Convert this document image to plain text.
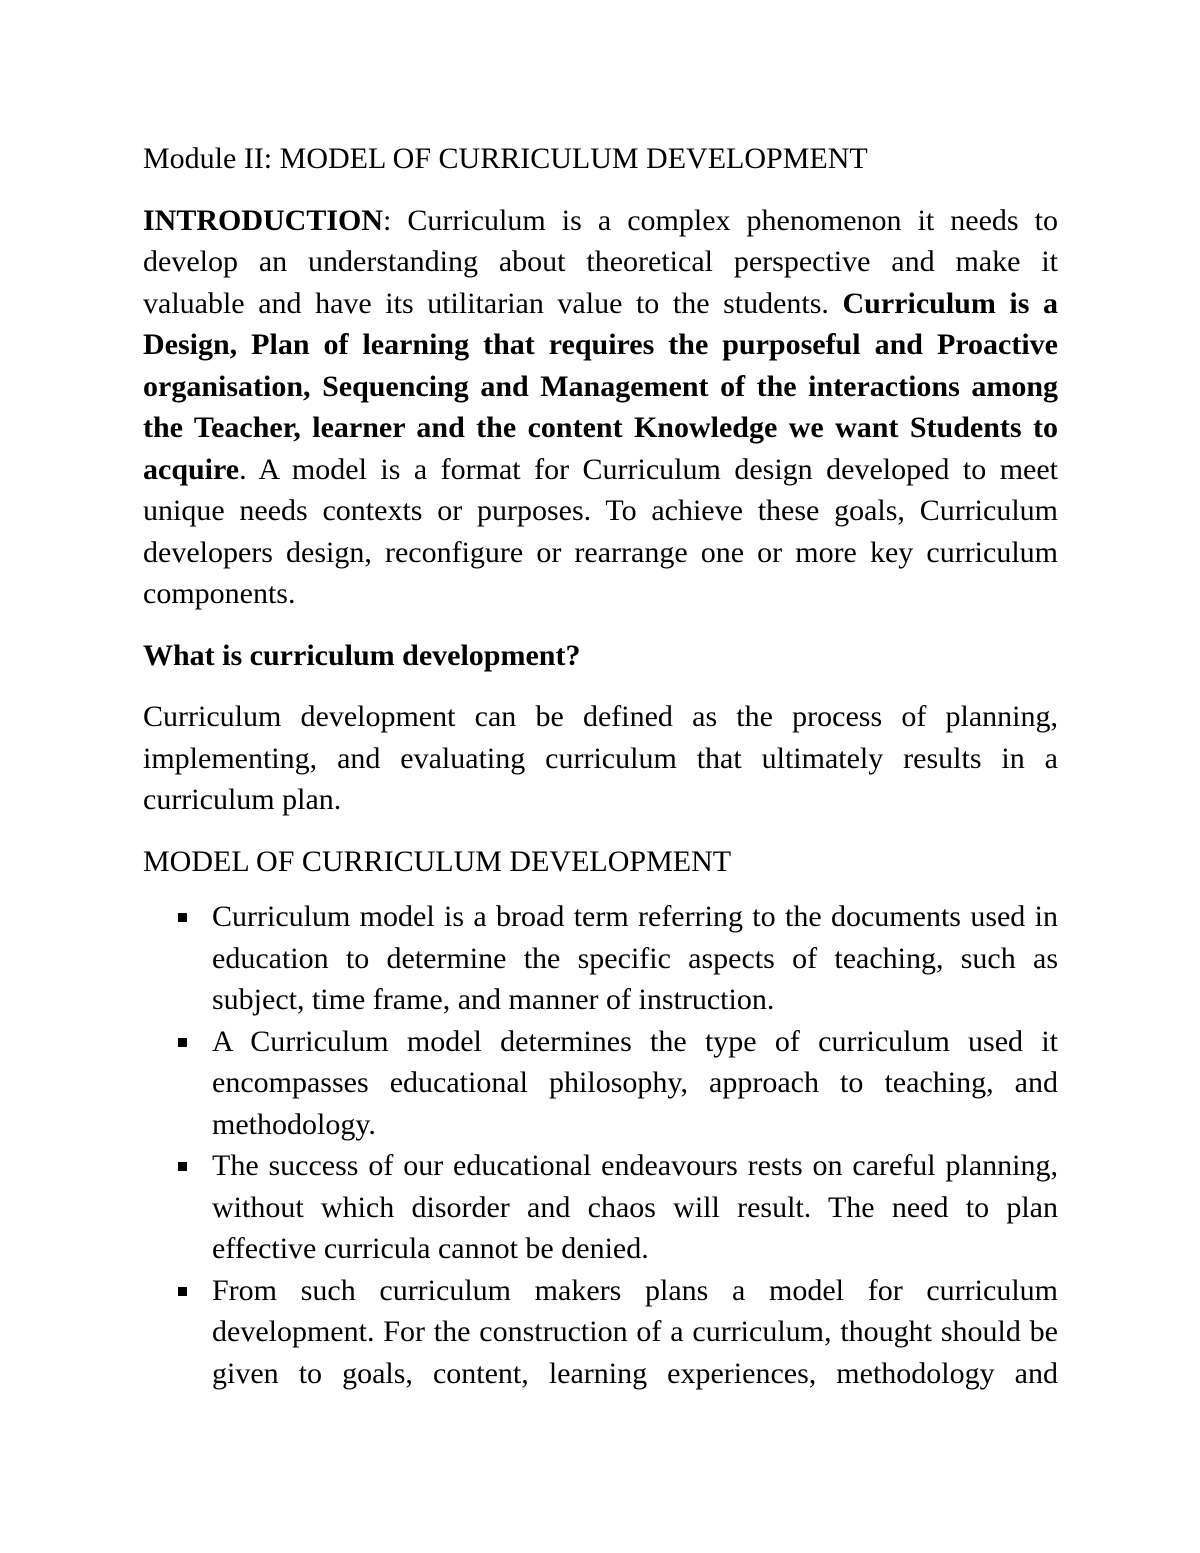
Module II: MODEL OF CURRICULUM DEVELOPMENT

INTRODUCTION: Curriculum is a complex phenomenon it needs to develop an understanding about theoretical perspective and make it valuable and have its utilitarian value to the students. Curriculum is a Design, Plan of learning that requires the purposeful and Proactive organisation, Sequencing and Management of the interactions among the Teacher, learner and the content Knowledge we want Students to acquire. A model is a format for Curriculum design developed to meet unique needs contexts or purposes. To achieve these goals, Curriculum developers design, reconfigure or rearrange one or more key curriculum components.

What is curriculum development?

Curriculum development can be defined as the process of planning, implementing, and evaluating curriculum that ultimately results in a curriculum plan.

MODEL OF CURRICULUM DEVELOPMENT

Curriculum model is a broad term referring to the documents used in education to determine the specific aspects of teaching, such as subject, time frame, and manner of instruction.
A Curriculum model determines the type of curriculum used it encompasses educational philosophy, approach to teaching, and methodology.
The success of our educational endeavours rests on careful planning, without which disorder and chaos will result. The need to plan effective curricula cannot be denied.
From such curriculum makers plans a model for curriculum development. For the construction of a curriculum, thought should be given to goals, content, learning experiences, methodology and
